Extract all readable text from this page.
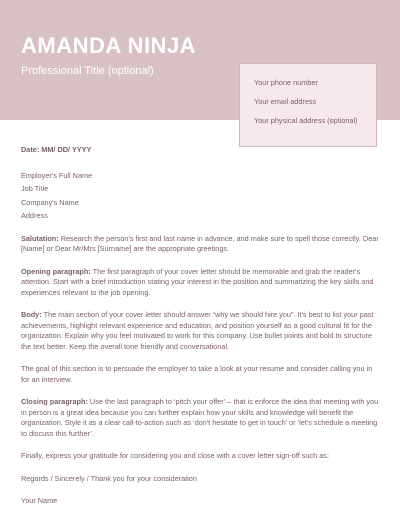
AMANDA NINJA
Professional Title (optional)
Your phone number
Your email address
Your physical address (optional)

Date: MM/ DD/ YYYY

Employer's Full Name
Job Title
Company's Name
Address

Salutation: Research the person's first and last name in advance, and make sure to spell those correctly. Dear [Name] or Dear Mr/Mrs [Surname] are the appropriate greetings.

Opening paragraph: The first paragraph of your cover letter should be memorable and grab the reader's attention. Start with a brief introduction stating your interest in the position and summarizing the key skills and experiences relevant to the job opening.

Body: The main section of your cover letter should answer “why we should hire you”. It's best to list your past achievements, highlight relevant experience and education, and position yourself as a good cultural fit for the organization. Explain why you feel motivated to work for this company. Use bullet points and bold to structure the text better. Keep the overall tone friendly and conversational.

The goal of this section is to persuade the employer to take a look at your resume and consider calling you in for an interview.

Closing paragraph: Use the last paragraph to ‘pitch your offer’ – that is enforce the idea that meeting with you in person is a great idea because you can further explain how your skills and knowledge will benefit the organization. Style it as a clear call-to-action such as ‘don't hesitate to get in touch’ or ‘let's schedule a meeting to discuss this further’.

Finally, express your gratitude for considering you and close with a cover letter sign-off such as:

Regards / Sincerely / Thank you for your consideration

Your Name
